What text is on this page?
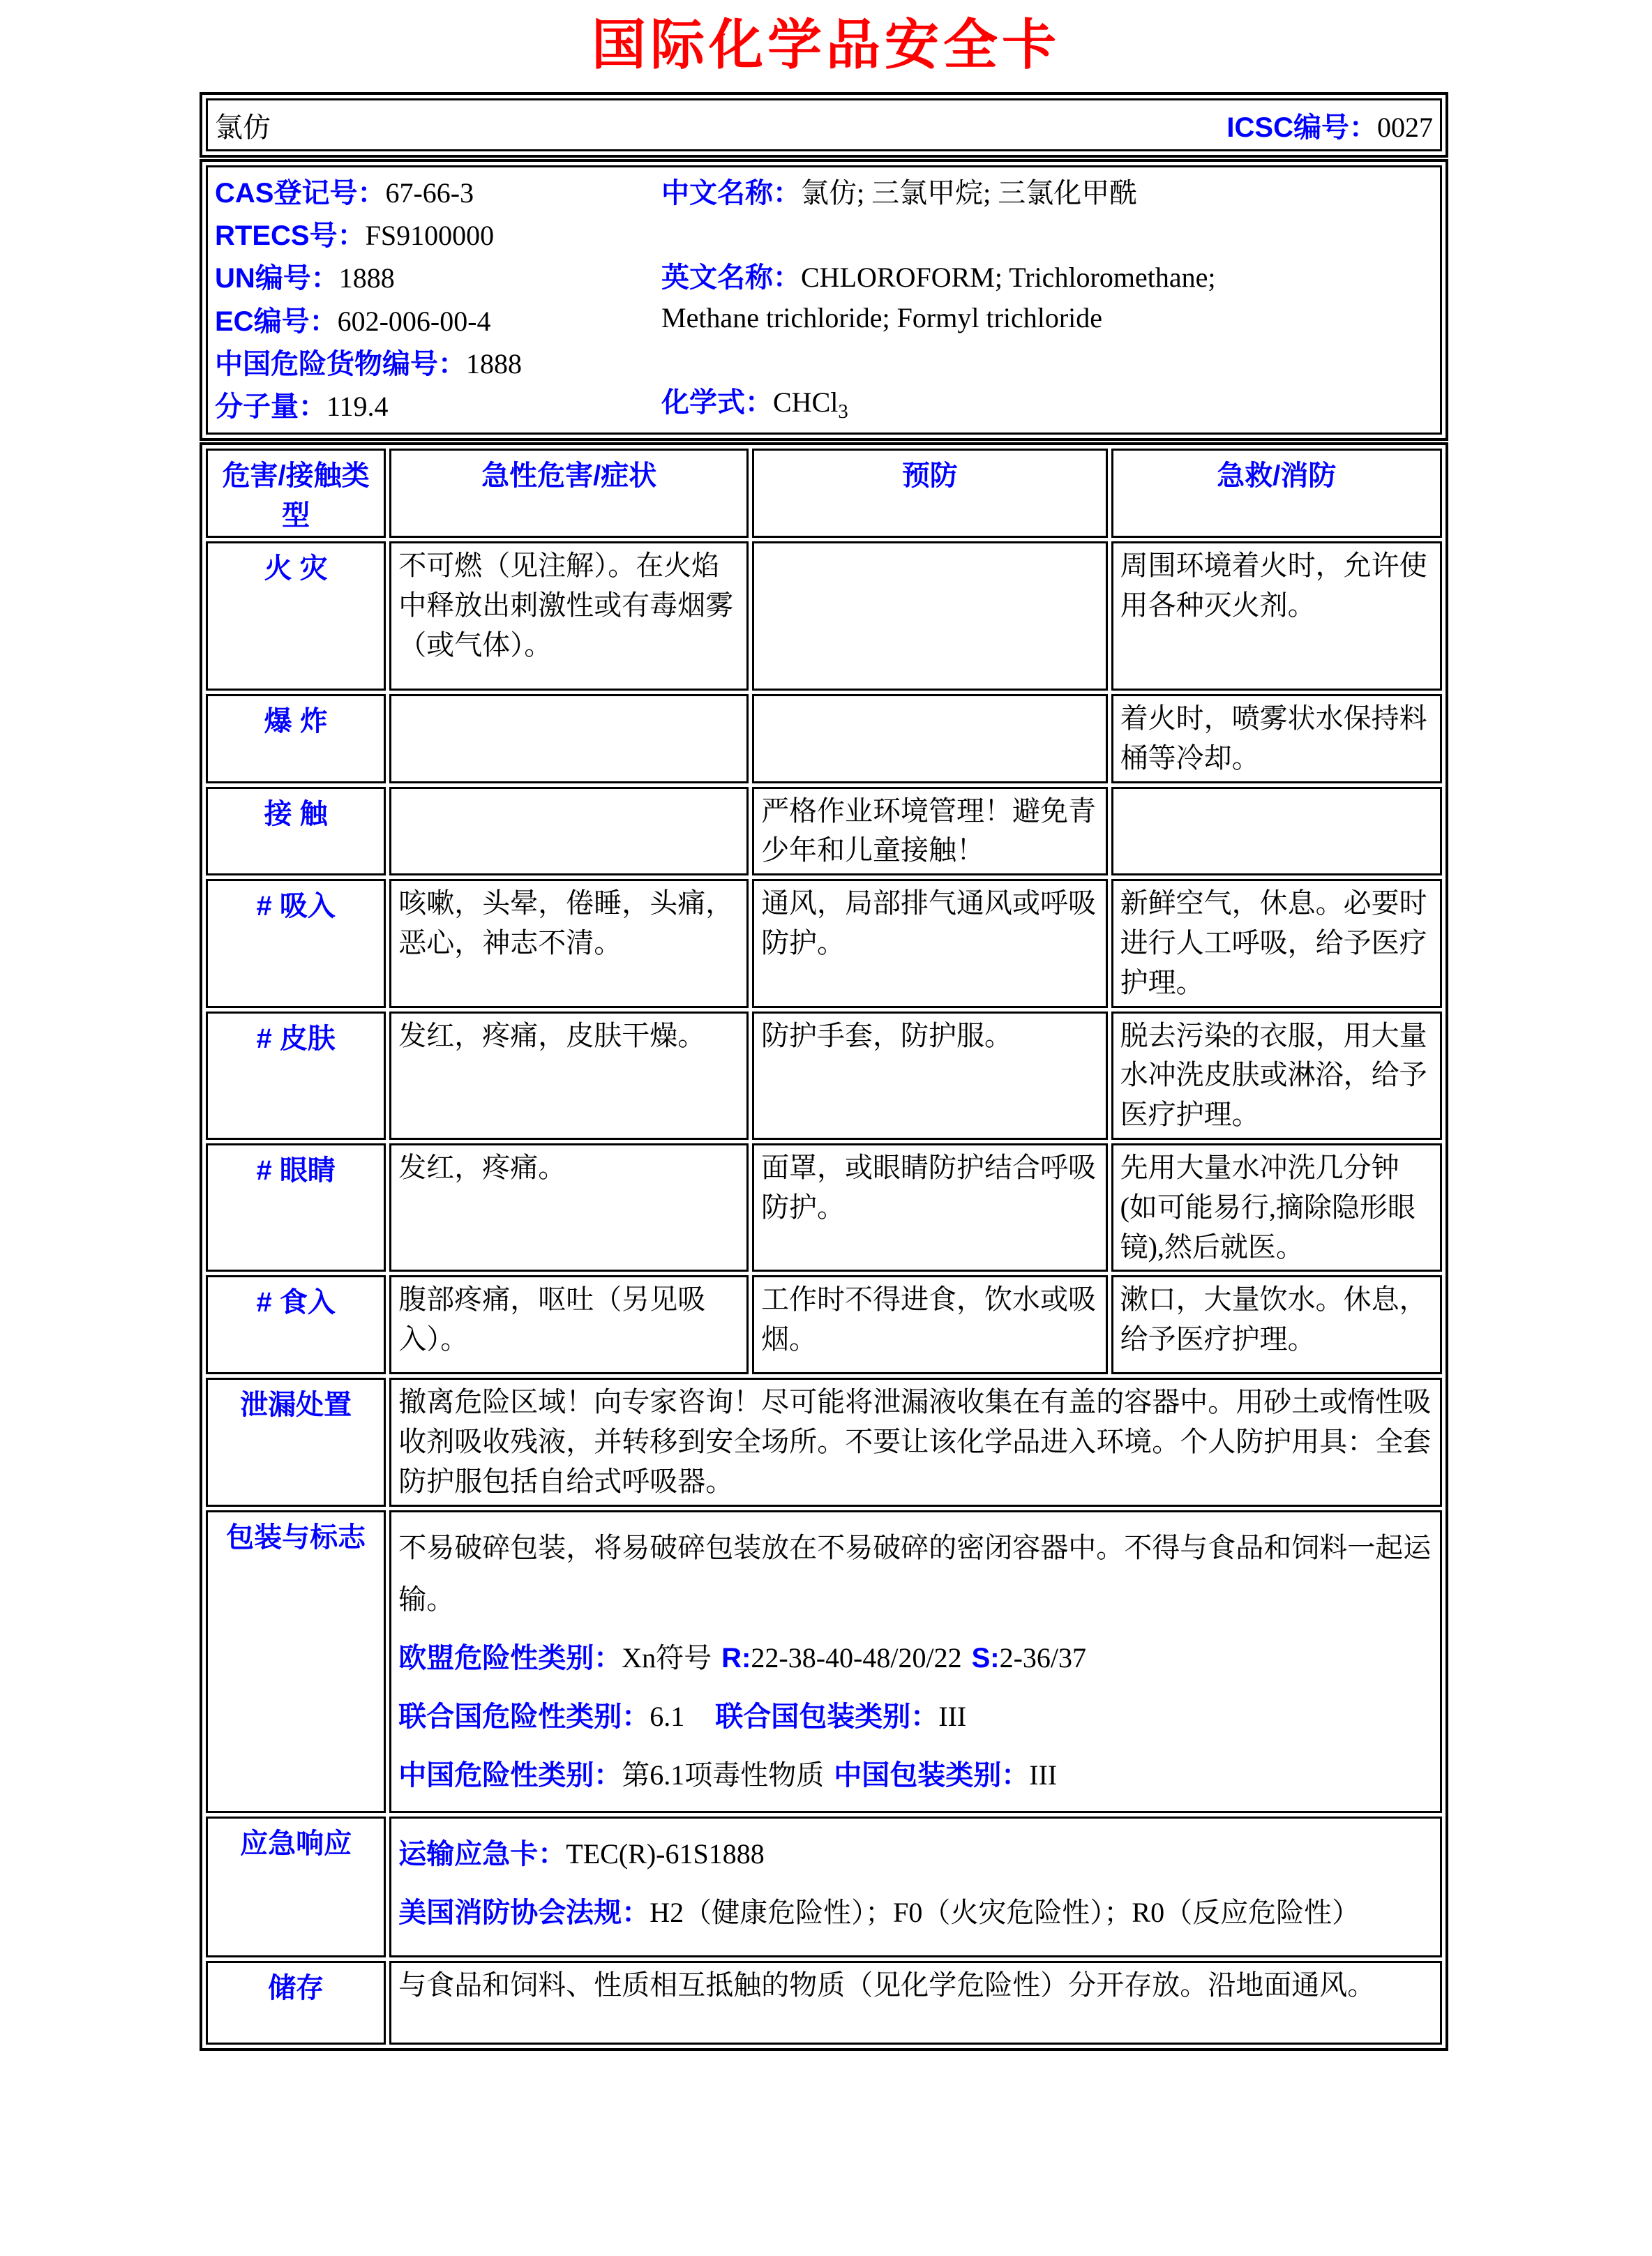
国际化学品安全卡
氯仿	ICSC编号：0027
CAS登记号：67-66-3
RTECS号：FS9100000
UN编号：1888
EC编号：602-006-00-4
中国危险货物编号：1888
分子量：119.4
中文名称：氯仿; 三氯甲烷; 三氯化甲酰
英文名称：CHLOROFORM; Trichloromethane; Methane trichloride; Formyl trichloride
化学式：CHCl$_3$
危害/接触类型	急性危害/症状	预防	急救/消防
火 灾	不可燃（见注解）。在火焰中释放出刺激性或有毒烟雾（或气体）。		周围环境着火时，允许使用各种灭火剂。
爆 炸			着火时，喷雾状水保持料桶等冷却。
接 触		严格作业环境管理！避免青少年和儿童接触！	
# 吸入	咳嗽，头晕，倦睡，头痛，恶心，神志不清。	通风，局部排气通风或呼吸防护。	新鲜空气，休息。必要时进行人工呼吸，给予医疗护理。
# 皮肤	发红，疼痛，皮肤干燥。	防护手套，防护服。	脱去污染的衣服，用大量水冲洗皮肤或淋浴，给予医疗护理。
# 眼睛	发红，疼痛。	面罩，或眼睛防护结合呼吸防护。	先用大量水冲洗几分钟(如可能易行,摘除隐形眼镜),然后就医。
# 食入	腹部疼痛，呕吐（另见吸入）。	工作时不得进食，饮水或吸烟。	漱口，大量饮水。休息，给予医疗护理。
泄漏处置	撤离危险区域！向专家咨询！尽可能将泄漏液收集在有盖的容器中。用砂土或惰性吸收剂吸收残液，并转移到安全场所。不要让该化学品进入环境。个人防护用具：全套防护服包括自给式呼吸器。		
包装与标志	不易破碎包装，将易破碎包装放在不易破碎的密闭容器中。不得与食品和饲料一起运输。

欧盟危险性类别：Xn符号 R:22-38-40-48/20/22 S:2-36/37

联合国危险性类别：6.1 联合国包装类别：III

中国危险性类别：第6.1项毒性物质 中国包装类别：III		

应急响应	运输应急卡：TEC(R)-61S1888

美国消防协会法规：H2（健康危险性）；F0（火灾危险性）；R0（反应危险性）		

储存	与食品和饲料、性质相互抵触的物质（见化学危险性）分开存放。沿地面通风。		
